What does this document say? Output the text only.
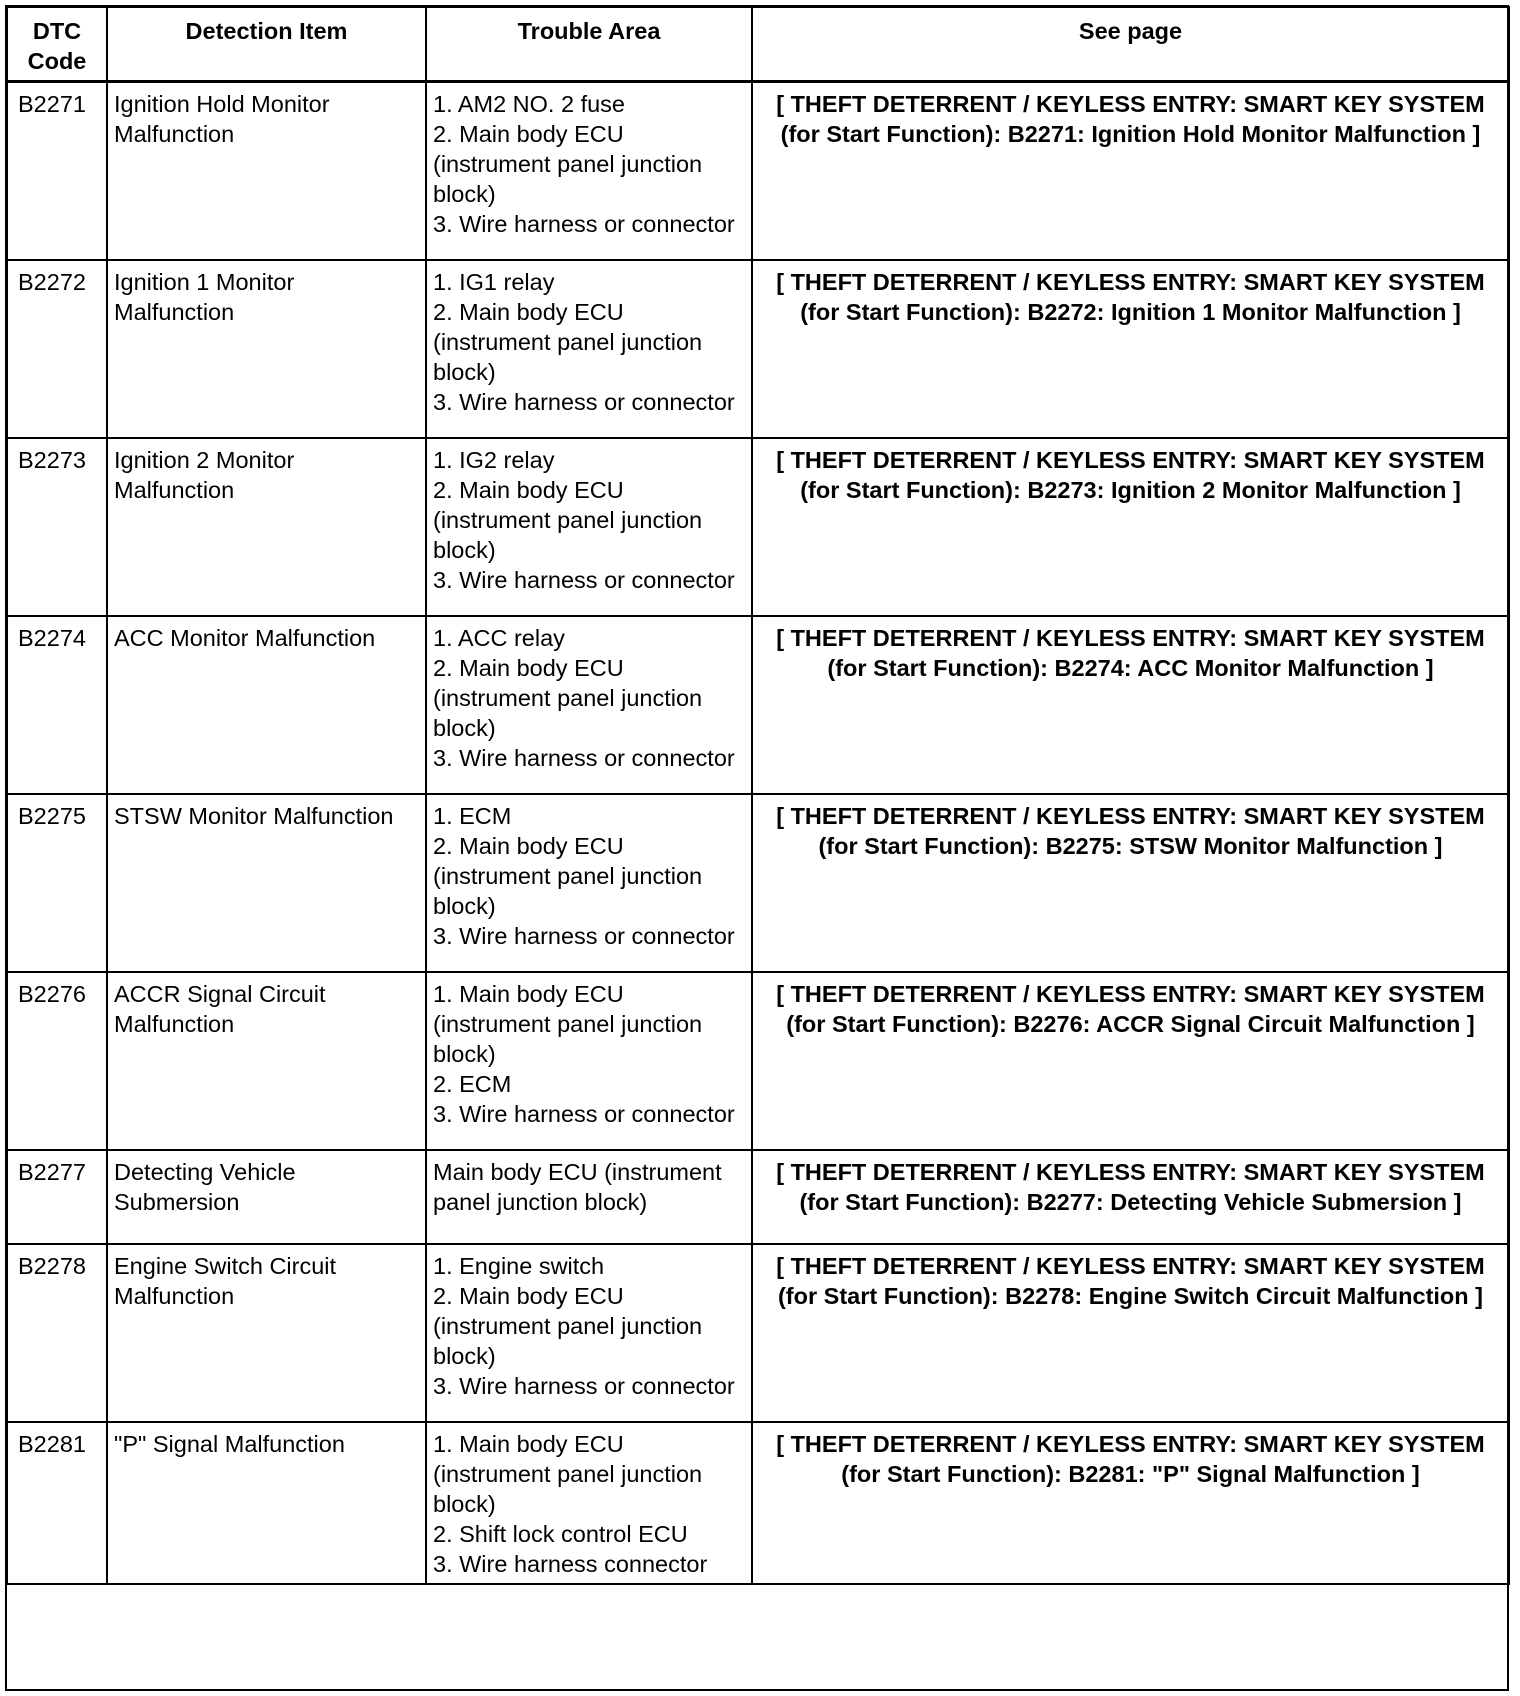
DTC
Code	Detection Item	Trouble Area	See page
B2271	Ignition Hold Monitor Malfunction	1. AM2 NO. 2 fuse
2. Main body ECU (instrument panel junction block)
3. Wire harness or connector	[ THEFT DETERRENT / KEYLESS ENTRY: SMART KEY SYSTEM (for Start Function): B2271: Ignition Hold Monitor Malfunction ]
B2272	Ignition 1 Monitor Malfunction	1. IG1 relay
2. Main body ECU (instrument panel junction block)
3. Wire harness or connector	[ THEFT DETERRENT / KEYLESS ENTRY: SMART KEY SYSTEM (for Start Function): B2272: Ignition 1 Monitor Malfunction ]
B2273	Ignition 2 Monitor Malfunction	1. IG2 relay
2. Main body ECU (instrument panel junction block)
3. Wire harness or connector	[ THEFT DETERRENT / KEYLESS ENTRY: SMART KEY SYSTEM (for Start Function): B2273: Ignition 2 Monitor Malfunction ]
B2274	ACC Monitor Malfunction	1. ACC relay
2. Main body ECU (instrument panel junction block)
3. Wire harness or connector	[ THEFT DETERRENT / KEYLESS ENTRY: SMART KEY SYSTEM (for Start Function): B2274: ACC Monitor Malfunction ]
B2275	STSW Monitor Malfunction	1. ECM
2. Main body ECU (instrument panel junction block)
3. Wire harness or connector	[ THEFT DETERRENT / KEYLESS ENTRY: SMART KEY SYSTEM (for Start Function): B2275: STSW Monitor Malfunction ]
B2276	ACCR Signal Circuit Malfunction	1. Main body ECU (instrument panel junction block)
2. ECM
3. Wire harness or connector	[ THEFT DETERRENT / KEYLESS ENTRY: SMART KEY SYSTEM (for Start Function): B2276: ACCR Signal Circuit Malfunction ]
B2277	Detecting Vehicle Submersion	Main body ECU (instrument panel junction block)	[ THEFT DETERRENT / KEYLESS ENTRY: SMART KEY SYSTEM (for Start Function): B2277: Detecting Vehicle Submersion ]
B2278	Engine Switch Circuit Malfunction	1. Engine switch
2. Main body ECU (instrument panel junction block)
3. Wire harness or connector	[ THEFT DETERRENT / KEYLESS ENTRY: SMART KEY SYSTEM (for Start Function): B2278: Engine Switch Circuit Malfunction ]
B2281	"P" Signal Malfunction	1. Main body ECU (instrument panel junction block)
2. Shift lock control ECU
3. Wire harness connector	[ THEFT DETERRENT / KEYLESS ENTRY: SMART KEY SYSTEM (for Start Function): B2281: "P" Signal Malfunction ]
